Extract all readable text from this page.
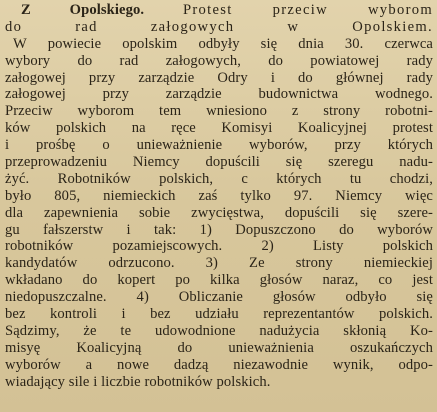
Z Opolskiego.	Protest przeciw wyborom
do rad załogowych w Opolskiem.
W powiecie opolskim odbyły się dnia 30. czerwca
wybory do rad załogowych, do powiatowej rady
załogowej przy zarządzie Odry i do głównej rady
załogowej przy zarządzie budownictwa wodnego.
Przeciw wyborom tem wniesiono z strony robotni-
ków polskich na ręce Komisyi Koalicyjnej protest
i prośbę o unieważnienie wyborów, przy których
przeprowadzeniu Niemcy dopuścili się szeregu nadu-
żyć. Robotników polskich, c których tu chodzi,
było 805, niemieckich zaś tylko 97. Niemcy więc
dla zapewnienia sobie zwycięstwa, dopuścili się szere-
gu fałszerstw i tak: 1) Dopuszczono do wyborów
robotników pozamiejscowych. 2) Listy polskich
kandydatów odrzucono. 3) Ze strony niemieckiej
wkładano do kopert po kilka głosów naraz, co jest
niedopuszczalne. 4) Obliczanie głosów odbyło się
bez kontroli i bez udziału reprezentantów polskich.
Sądzimy, że te udowodnione nadużycia skłonią Ko-
misyę Koalicyjną do unieważnienia oszukańczych
wyborów a nowe dadzą niezawodnie wynik, odpo-
wiadający sile i liczbie robotników polskich.
